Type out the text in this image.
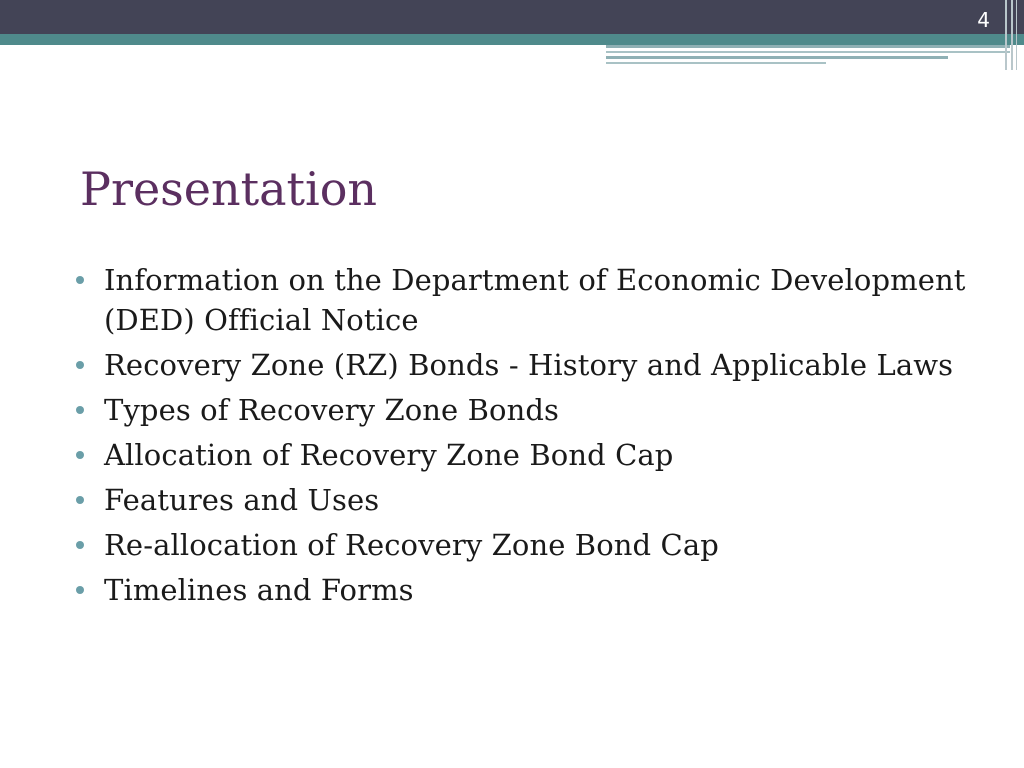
4
Presentation
Information on the Department of Economic Development (DED) Official Notice
Recovery Zone (RZ) Bonds - History and Applicable Laws
Types of Recovery Zone Bonds
Allocation of Recovery Zone Bond Cap
Features and Uses
Re-allocation of Recovery Zone Bond Cap
Timelines and Forms
